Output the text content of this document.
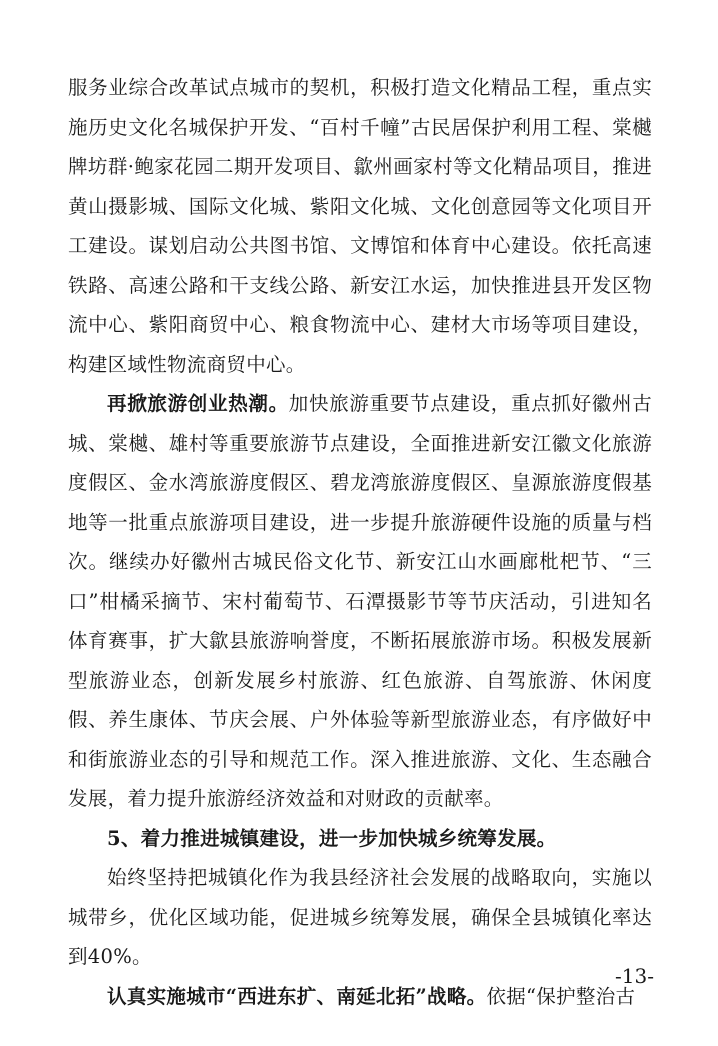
服务业综合改革试点城市的契机，积极打造文化精品工程，重点实施历史文化名城保护开发、“百村千幢”古民居保护利用工程、棠樾牌坊群·鲍家花园二期开发项目、歙州画家村等文化精品项目，推进黄山摄影城、国际文化城、紫阳文化城、文化创意园等文化项目开工建设。谋划启动公共图书馆、文博馆和体育中心建设。依托高速铁路、高速公路和干支线公路、新安江水运，加快推进县开发区物流中心、紫阳商贸中心、粮食物流中心、建材大市场等项目建设，构建区域性物流商贸中心。

再掀旅游创业热潮。加快旅游重要节点建设，重点抓好徽州古城、棠樾、雄村等重要旅游节点建设，全面推进新安江徽文化旅游度假区、金水湾旅游度假区、碧龙湾旅游度假区、皇源旅游度假基地等一批重点旅游项目建设，进一步提升旅游硬件设施的质量与档次。继续办好徽州古城民俗文化节、新安江山水画廊枇杷节、“三口”柑橘采摘节、宋村葡萄节、石潭摄影节等节庆活动，引进知名体育赛事，扩大歙县旅游响誉度，不断拓展旅游市场。积极发展新型旅游业态，创新发展乡村旅游、红色旅游、自驾旅游、休闲度假、养生康体、节庆会展、户外体验等新型旅游业态，有序做好中和街旅游业态的引导和规范工作。深入推进旅游、文化、生态融合发展，着力提升旅游经济效益和对财政的贡献率。

5、着力推进城镇建设，进一步加快城乡统筹发展。

始终坚持把城镇化作为我县经济社会发展的战略取向，实施以城带乡，优化区域功能，促进城乡统筹发展，确保全县城镇化率达到40%。

认真实施城市“西进东扩、南延北拓”战略。依据“保护整治古

-13-
